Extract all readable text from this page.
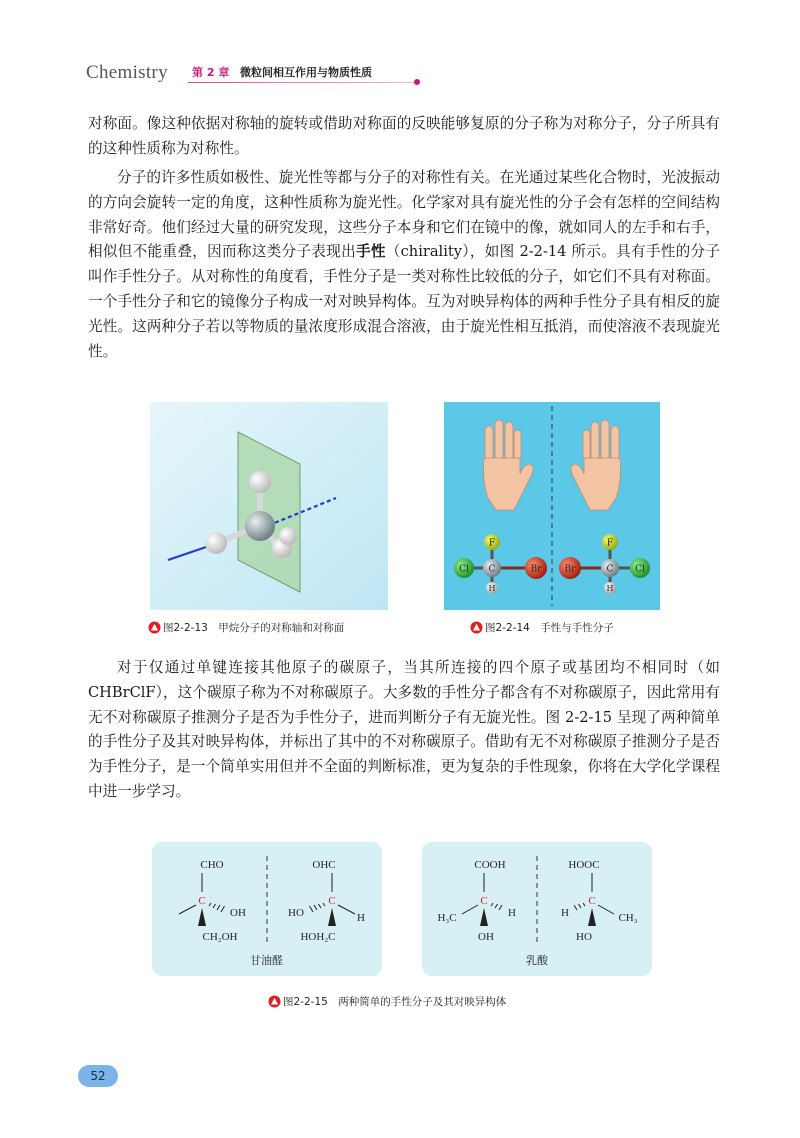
Chemistry 第 2 章 微粒间相互作用与物质性质

对称面。像这种依据对称轴的旋转或借助对称面的反映能够复原的分子称为对称分子，分子所具有的这种性质称为对称性。

分子的许多性质如极性、旋光性等都与分子的对称性有关。在光通过某些化合物时，光波振动的方向会旋转一定的角度，这种性质称为旋光性。化学家对具有旋光性的分子会有怎样的空间结构非常好奇。他们经过大量的研究发现，这些分子本身和它们在镜中的像，就如同人的左手和右手，相似但不能重叠，因而称这类分子表现出手性（chirality），如图 2-2-14 所示。具有手性的分子叫作手性分子。从对称性的角度看，手性分子是一类对称性比较低的分子，如它们不具有对称面。一个手性分子和它的镜像分子构成一对对映异构体。互为对映异构体的两种手性分子具有相反的旋光性。这两种分子若以等物质的量浓度形成混合溶液，由于旋光性相互抵消，而使溶液不表现旋光性。

图2-2-13　甲烷分子的对称轴和对称面
F
Cl	Br
C
H
F
Cl
Br	C
H
图2-2-14　手性与手性分子

对于仅通过单键连接其他原子的碳原子，当其所连接的四个原子或基团均不相同时（如 CHBrClF），这个碳原子称为不对称碳原子。大多数的手性分子都含有不对称碳原子，因此常用有无不对称碳原子推测分子是否为手性分子，进而判断分子有无旋光性。图 2-2-15 呈现了两种简单的手性分子及其对映异构体，并标出了其中的不对称碳原子。借助有无不对称碳原子推测分子是否为手性分子，是一个简单实用但并不全面的判断标准，更为复杂的手性现象，你将在大学化学课程中进一步学习。

CHO
C
OH
CH₂OH
OHC
C
HO	H
HOH₂C
甘油醛
COOH
C
H₃C	H
OH
HOOC
C
H	CH₃
HO
乳酸
图2-2-15　两种简单的手性分子及其对映异构体
52
